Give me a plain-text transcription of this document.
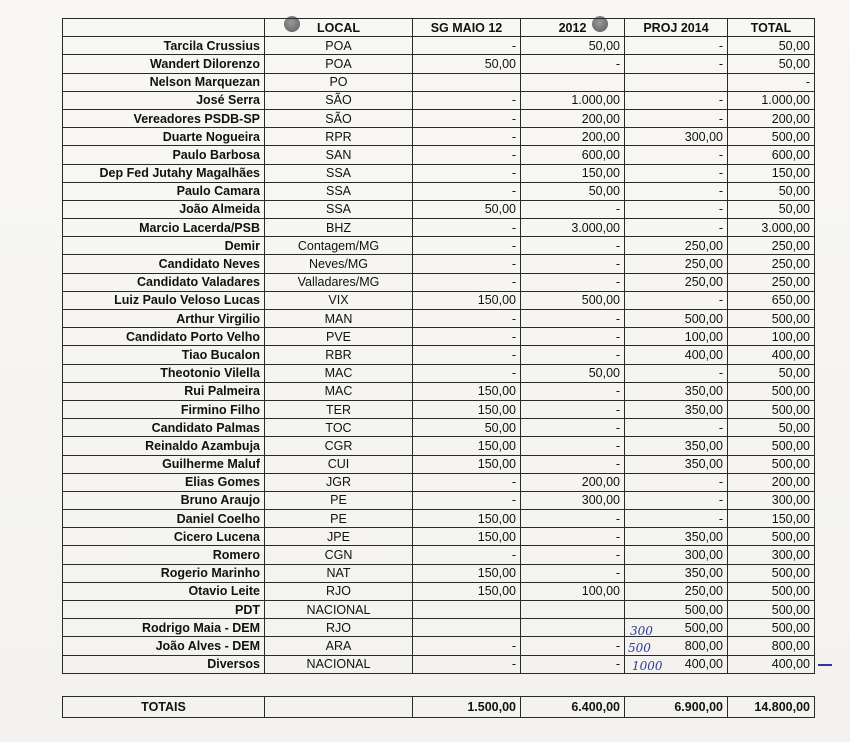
	LOCAL	SG MAIO 12	2012	PROJ 2014	TOTAL
Tarcila Crussius	POA	-	50,00	-	50,00
Wandert Dilorenzo	POA	50,00	-	-	50,00
Nelson Marquezan	PO				-
José Serra	SÃO	-	1.000,00	-	1.000,00
Vereadores PSDB-SP	SÃO	-	200,00	-	200,00
Duarte Nogueira	RPR	-	200,00	300,00	500,00
Paulo Barbosa	SAN	-	600,00	-	600,00
Dep Fed Jutahy Magalhães	SSA	-	150,00	-	150,00
Paulo Camara	SSA	-	50,00	-	50,00
João Almeida	SSA	50,00	-	-	50,00
Marcio Lacerda/PSB	BHZ	-	3.000,00	-	3.000,00
Demir	Contagem/MG	-	-	250,00	250,00
Candidato Neves	Neves/MG	-	-	250,00	250,00
Candidato Valadares	Valladares/MG	-	-	250,00	250,00
Luiz Paulo Veloso Lucas	VIX	150,00	500,00	-	650,00
Arthur Virgilio	MAN	-	-	500,00	500,00
Candidato Porto Velho	PVE	-	-	100,00	100,00
Tiao Bucalon	RBR	-	-	400,00	400,00
Theotonio Vilella	MAC	-	50,00	-	50,00
Rui Palmeira	MAC	150,00	-	350,00	500,00
Firmino Filho	TER	150,00	-	350,00	500,00
Candidato Palmas	TOC	50,00	-	-	50,00
Reinaldo Azambuja	CGR	150,00	-	350,00	500,00
Guilherme Maluf	CUI	150,00	-	350,00	500,00
Elias Gomes	JGR	-	200,00	-	200,00
Bruno Araujo	PE	-	300,00	-	300,00
Daniel Coelho	PE	150,00	-	-	150,00
Cicero Lucena	JPE	150,00	-	350,00	500,00
Romero	CGN	-	-	300,00	300,00
Rogerio Marinho	NAT	150,00	-	350,00	500,00
Otavio Leite	RJO	150,00	100,00	250,00	500,00
PDT	NACIONAL			500,00	500,00
Rodrigo Maia - DEM	RJO			500,00	500,00
João Alves - DEM	ARA	-	-	800,00	800,00
Diversos	NACIONAL	-	-	400,00	400,00
TOTAIS		1.500,00	6.400,00	6.900,00	14.800,00
300
500
1000
